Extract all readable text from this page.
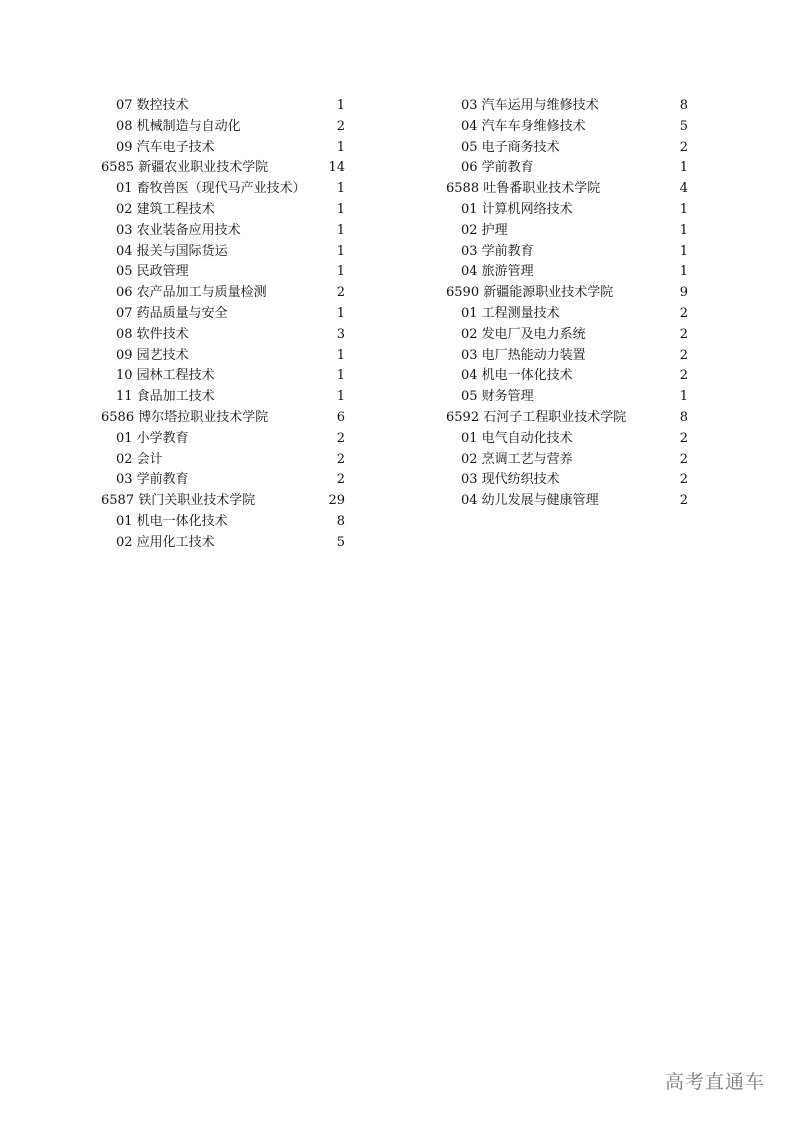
07 数控技术	1
08 机械制造与自动化	2
09 汽车电子技术	1
6585 新疆农业职业技术学院	14
01 畜牧兽医（现代马产业技术）	1
02 建筑工程技术	1
03 农业装备应用技术	1
04 报关与国际货运	1
05 民政管理	1
06 农产品加工与质量检测	2
07 药品质量与安全	1
08 软件技术	3
09 园艺技术	1
10 园林工程技术	1
11 食品加工技术	1
6586 博尔塔拉职业技术学院	6
01 小学教育	2
02 会计	2
03 学前教育	2
6587 铁门关职业技术学院	29
01 机电一体化技术	8
02 应用化工技术	5
03 汽车运用与维修技术	8
04 汽车车身维修技术	5
05 电子商务技术	2
06 学前教育	1
6588 吐鲁番职业技术学院	4
01 计算机网络技术	1
02 护理	1
03 学前教育	1
04 旅游管理	1
6590 新疆能源职业技术学院	9
01 工程测量技术	2
02 发电厂及电力系统	2
03 电厂热能动力装置	2
04 机电一体化技术	2
05 财务管理	1
6592 石河子工程职业技术学院	8
01 电气自动化技术	2
02 烹调工艺与营养	2
03 现代纺织技术	2
04 幼儿发展与健康管理	2
高考直通车
